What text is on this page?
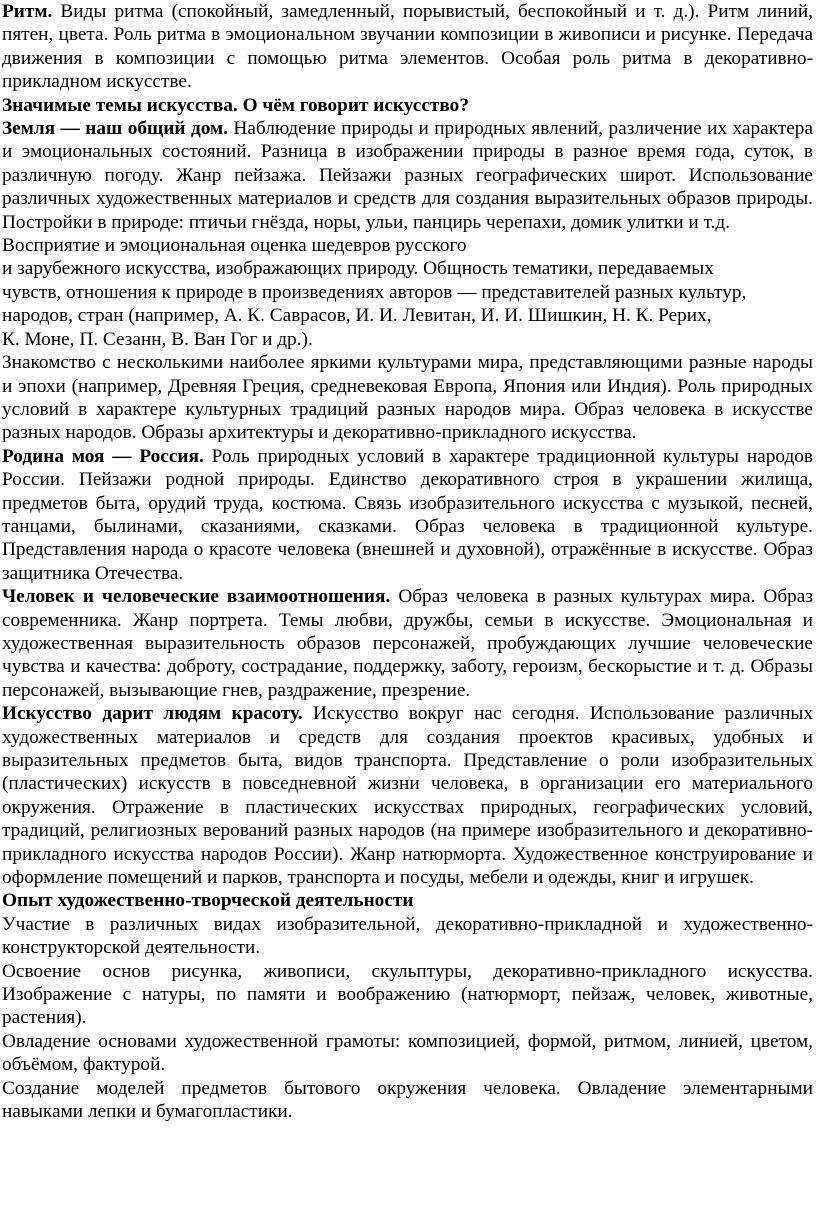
Ритм. Виды ритма (спокойный, замедленный, порывистый, беспокойный и т. д.). Ритм линий, пятен, цвета. Роль ритма в эмоциональном звучании композиции в живописи и рисунке. Передача движения в композиции с помощью ритма элементов. Особая роль ритма в декоративно-прикладном искусстве.

Значимые темы искусства. О чём говорит искусство?

Земля — наш общий дом. Наблюдение природы и природных явлений, различение их характера и эмоциональных состояний. Разница в изображении природы в разное время года, суток, в различную погоду. Жанр пейзажа. Пейзажи разных географических широт. Использование различных художественных материалов и средств для создания выразительных образов природы. Постройки в природе: птичьи гнёзда, норы, ульи, панцирь черепахи, домик улитки и т.д.

Восприятие и эмоциональная оценка шедевров русского
и зарубежного искусства, изображающих природу. Общность тематики, передаваемых
чувств, отношения к природе в произведениях авторов — представителей разных культур,
народов, стран (например, А. К. Саврасов, И. И. Левитан, И. И. Шишкин, Н. К. Рерих,
К. Моне, П. Сезанн, В. Ван Гог и др.).

Знакомство с несколькими наиболее яркими культурами мира, представляющими разные народы и эпохи (например, Древняя Греция, средневековая Европа, Япония или Индия). Роль природных условий в характере культурных традиций разных народов мира. Образ человека в искусстве разных народов. Образы архитектуры и декоративно-прикладного искусства.

Родина моя — Россия. Роль природных условий в характере традиционной культуры народов России. Пейзажи родной природы. Единство декоративного строя в украшении жилища, предметов быта, орудий труда, костюма. Связь изобразительного искусства с музыкой, песней, танцами, былинами, сказаниями, сказками. Образ человека в традиционной культуре. Представления народа о красоте человека (внешней и духовной), отражённые в искусстве. Образ защитника Отечества.

Человек и человеческие взаимоотношения. Образ человека в разных культурах мира. Образ современника. Жанр портрета. Темы любви, дружбы, семьи в искусстве. Эмоциональная и художественная выразительность образов персонажей, пробуждающих лучшие человеческие чувства и качества: доброту, сострадание, поддержку, заботу, героизм, бескорыстие и т. д. Образы персонажей, вызывающие гнев, раздражение, презрение.

Искусство дарит людям красоту. Искусство вокруг нас сегодня. Использование различных художественных материалов и средств для создания проектов красивых, удобных и выразительных предметов быта, видов транспорта. Представление о роли изобразительных (пластических) искусств в повседневной жизни человека, в организации его материального окружения. Отражение в пластических искусствах природных, географических условий, традиций, религиозных верований разных народов (на примере изобразительного и декоративно-прикладного искусства народов России). Жанр натюрморта. Художественное конструирование и оформление помещений и парков, транспорта и посуды, мебели и одежды, книг и игрушек.

Опыт художественно-творческой деятельности

Участие в различных видах изобразительной, декоративно-прикладной и художественно-конструкторской деятельности.

Освоение основ рисунка, живописи, скульптуры, декоративно-прикладного искусства. Изображение с натуры, по памяти и воображению (натюрморт, пейзаж, человек, животные, растения).

Овладение основами художественной грамоты: композицией, формой, ритмом, линией, цветом, объёмом, фактурой.

Создание моделей предметов бытового окружения человека. Овладение элементарными навыками лепки и бумагопластики.
